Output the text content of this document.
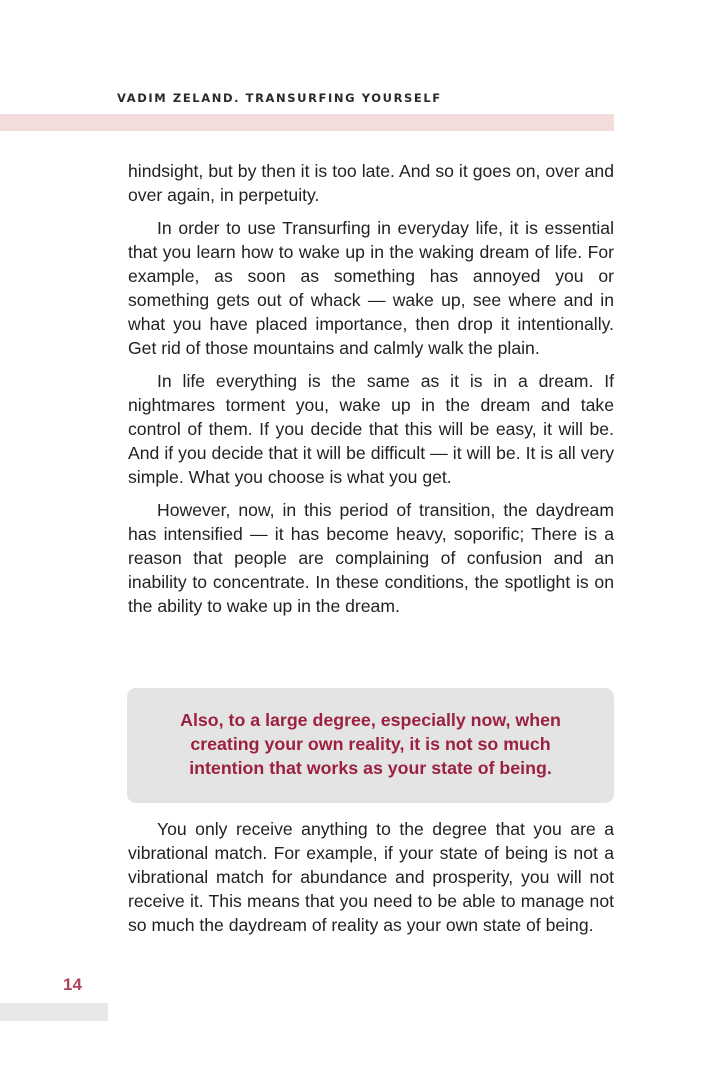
VADIM ZELAND. TRANSURFING YOURSELF

hindsight, but by then it is too late. And so it goes on, over and over again, in perpetuity.

In order to use Transurfing in everyday life, it is essential that you learn how to wake up in the waking dream of life. For example, as soon as something has annoyed you or something gets out of whack — wake up, see where and in what you have placed importance, then drop it intentionally. Get rid of those mountains and calmly walk the plain.

In life everything is the same as it is in a dream. If nightmares torment you, wake up in the dream and take control of them. If you decide that this will be easy, it will be. And if you decide that it will be difficult — it will be. It is all very simple. What you choose is what you get.

However, now, in this period of transition, the daydream has intensified — it has become heavy, soporific; There is a reason that people are complaining of confusion and an inability to concentrate. In these conditions, the spotlight is on the ability to wake up in the dream.

Also, to a large degree, especially now, when creating your own reality, it is not so much intention that works as your state of being.

You only receive anything to the degree that you are a vibrational match. For example, if your state of being is not a vibrational match for abundance and prosperity, you will not receive it. This means that you need to be able to manage not so much the daydream of reality as your own state of being.

14
